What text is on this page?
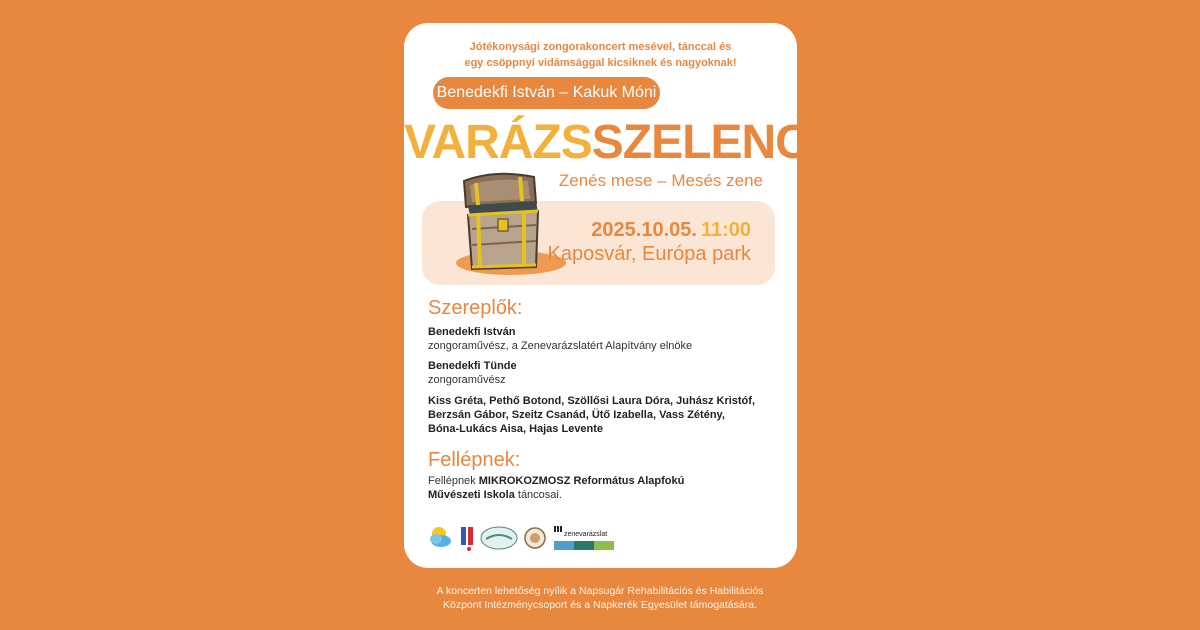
Jótékonysági zongorakoncert mesével, tánccal és
egy csöppnyi vidámsággal kicsiknek és nagyoknak!
Benedekfi István – Kakuk Móni
VARÁZSSZELENCE
Zenés mese – Mesés zene
2025.10.05. 11:00
Kaposvár, Európa park
Szereplők:
Benedekfi István
zongoraművész, a Zenevarázslatért Alapítvány elnöke
Benedekfi Tünde
zongoraművész
Kiss Gréta, Pethő Botond, Szöllősi Laura Dóra, Juhász Kristóf,
Berzsán Gábor, Szeitz Csanád, Ütő Izabella, Vass Zétény,
Bóna-Lukács Aisa, Hajas Levente
Fellépnek:
Fellépnek MIKROKOZMOSZ Református Alapfokú
Művészeti Iskola táncosai.
zenevarázslat
A koncerten lehetőség nyílik a Napsugár Rehabilitációs és Habilitációs
Központ Intézménycsoport és a Napkerék Egyesület támogatására.
